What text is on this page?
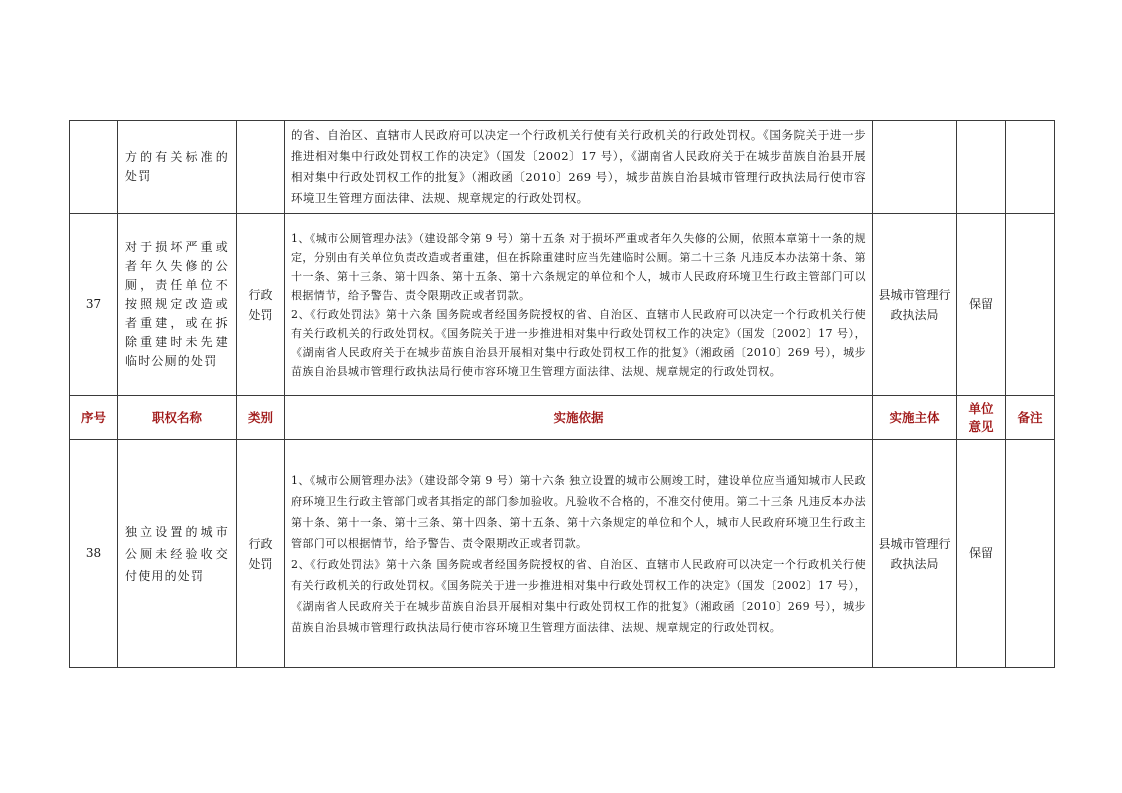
	方的有关标准的处罚		的省、自治区、直辖市人民政府可以决定一个行政机关行使有关行政机关的行政处罚权。《国务院关于进一步推进相对集中行政处罚权工作的决定》（国发〔2002〕17 号），《湖南省人民政府关于在城步苗族自治县开展相对集中行政处罚权工作的批复》（湘政函〔2010〕269 号），城步苗族自治县城市管理行政执法局行使市容环境卫生管理方面法律、法规、规章规定的行政处罚权。			
37	对于损坏严重或者年久失修的公厕，责任单位不按照规定改造或者重建，或在拆除重建时未先建临时公厕的处罚	行政处罚	1、《城市公厕管理办法》（建设部令第 9 号）第十五条 对于损坏严重或者年久失修的公厕，依照本章第十一条的规定，分别由有关单位负责改造或者重建，但在拆除重建时应当先建临时公厕。第二十三条 凡违反本办法第十条、第十一条、第十三条、第十四条、第十五条、第十六条规定的单位和个人，城市人民政府环境卫生行政主管部门可以根据情节，给予警告、责令限期改正或者罚款。
2、《行政处罚法》第十六条 国务院或者经国务院授权的省、自治区、直辖市人民政府可以决定一个行政机关行使有关行政机关的行政处罚权。《国务院关于进一步推进相对集中行政处罚权工作的决定》（国发〔2002〕17 号），《湖南省人民政府关于在城步苗族自治县开展相对集中行政处罚权工作的批复》（湘政函〔2010〕269 号），城步苗族自治县城市管理行政执法局行使市容环境卫生管理方面法律、法规、规章规定的行政处罚权。	县城市管理行政执法局	保留	
序号	职权名称	类别	实施依据	实施主体	单位意见	备注
38	独立设置的城市公厕未经验收交付使用的处罚	行政处罚	1、《城市公厕管理办法》（建设部令第 9 号）第十六条 独立设置的城市公厕竣工时，建设单位应当通知城市人民政府环境卫生行政主管部门或者其指定的部门参加验收。凡验收不合格的，不准交付使用。第二十三条 凡违反本办法第十条、第十一条、第十三条、第十四条、第十五条、第十六条规定的单位和个人，城市人民政府环境卫生行政主管部门可以根据情节，给予警告、责令限期改正或者罚款。
2、《行政处罚法》第十六条 国务院或者经国务院授权的省、自治区、直辖市人民政府可以决定一个行政机关行使有关行政机关的行政处罚权。《国务院关于进一步推进相对集中行政处罚权工作的决定》（国发〔2002〕17 号），《湖南省人民政府关于在城步苗族自治县开展相对集中行政处罚权工作的批复》（湘政函〔2010〕269 号），城步苗族自治县城市管理行政执法局行使市容环境卫生管理方面法律、法规、规章规定的行政处罚权。	县城市管理行政执法局	保留	
